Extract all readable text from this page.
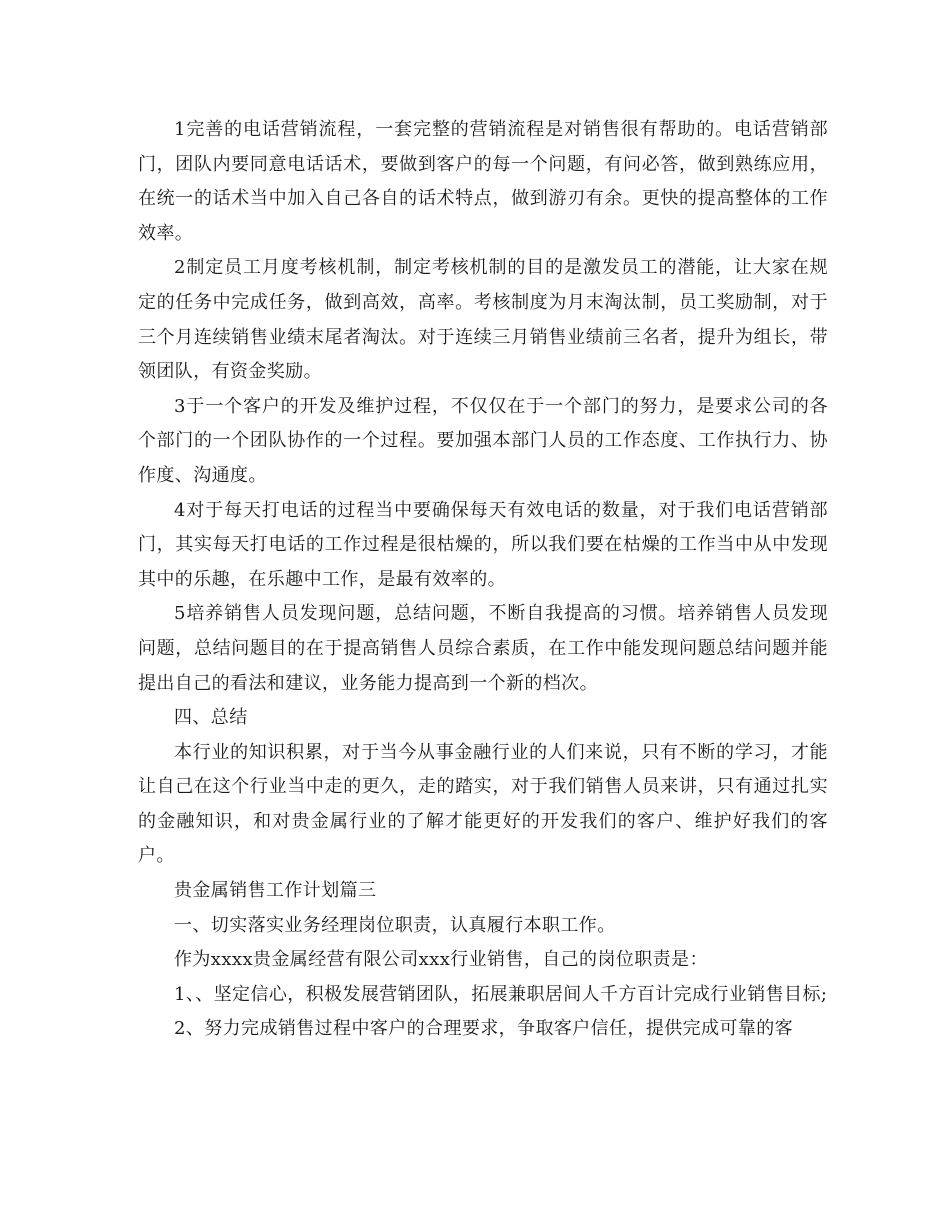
1完善的电话营销流程，一套完整的营销流程是对销售很有帮助的。电话营销部门，团队内要同意电话话术，要做到客户的每一个问题，有问必答，做到熟练应用，在统一的话术当中加入自己各自的话术特点，做到游刃有余。更快的提高整体的工作效率。

2制定员工月度考核机制，制定考核机制的目的是激发员工的潜能，让大家在规定的任务中完成任务，做到高效，高率。考核制度为月末淘汰制，员工奖励制，对于三个月连续销售业绩末尾者淘汰。对于连续三月销售业绩前三名者，提升为组长，带领团队，有资金奖励。

3于一个客户的开发及维护过程，不仅仅在于一个部门的努力，是要求公司的各个部门的一个团队协作的一个过程。要加强本部门人员的工作态度、工作执行力、协作度、沟通度。

4对于每天打电话的过程当中要确保每天有效电话的数量，对于我们电话营销部门，其实每天打电话的工作过程是很枯燥的，所以我们要在枯燥的工作当中从中发现其中的乐趣，在乐趣中工作，是最有效率的。

5培养销售人员发现问题，总结问题，不断自我提高的习惯。培养销售人员发现问题，总结问题目的在于提高销售人员综合素质，在工作中能发现问题总结问题并能提出自己的看法和建议，业务能力提高到一个新的档次。

四、总结

本行业的知识积累，对于当今从事金融行业的人们来说，只有不断的学习，才能让自己在这个行业当中走的更久，走的踏实，对于我们销售人员来讲，只有通过扎实的金融知识，和对贵金属行业的了解才能更好的开发我们的客户、维护好我们的客户。

贵金属销售工作计划篇三

一、切实落实业务经理岗位职责，认真履行本职工作。

作为xxxx贵金属经营有限公司xxx行业销售，自己的岗位职责是：

1、、坚定信心，积极发展营销团队，拓展兼职居间人千方百计完成行业销售目标;

2、努力完成销售过程中客户的合理要求，争取客户信任，提供完成可靠的客
